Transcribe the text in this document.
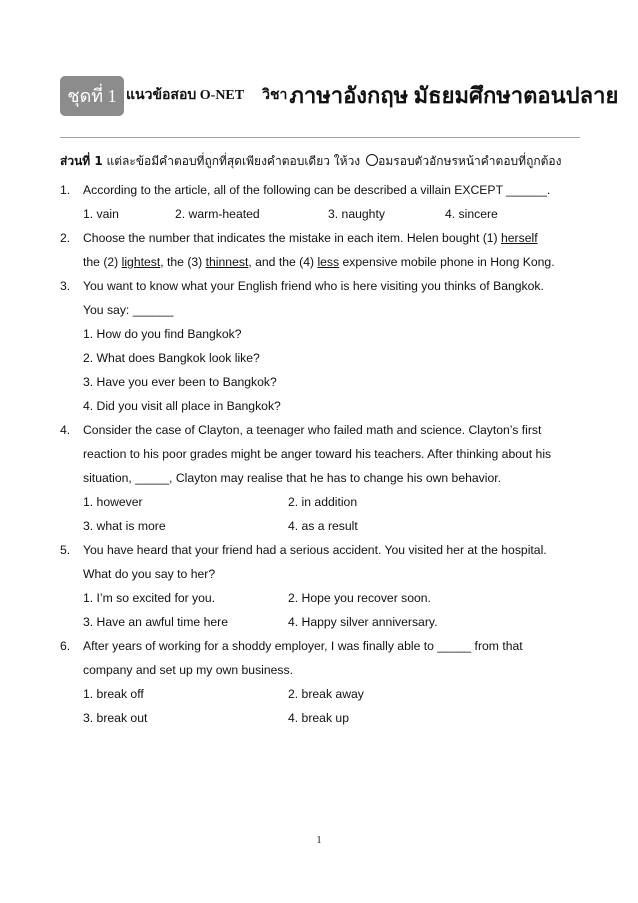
ชุดที่ 1 แนวข้อสอบ O-NET วิชาภาษาอังกฤษ มัธยมศึกษาตอนปลาย
ส่วนที่ 1 แต่ละข้อมีคำตอบที่ถูกที่สุดเพียงคำตอบเดียว ให้วง อมรอบตัวอักษรหน้าคำตอบที่ถูกต้อง
1. According to the article, all of the following can be described a villain EXCEPT ______.
1. vain	2. warm-heated	3. naughty	4. sincere
2. Choose the number that indicates the mistake in each item. Helen bought (1) herself
the (2) lightest, the (3) thinnest, and the (4) less expensive mobile phone in Hong Kong.
3. You want to know what your English friend who is here visiting you thinks of Bangkok.
You say: ______
1. How do you find Bangkok?
2. What does Bangkok look like?
3. Have you ever been to Bangkok?
4. Did you visit all place in Bangkok?
4. Consider the case of Clayton, a teenager who failed math and science. Clayton’s first
reaction to his poor grades might be anger toward his teachers. After thinking about his
situation, _____, Clayton may realise that he has to change his own behavior.
1. however	2. in addition
3. what is more	4. as a result
5. You have heard that your friend had a serious accident. You visited her at the hospital.
What do you say to her?
1. I’m so excited for you.	2. Hope you recover soon.
3. Have an awful time here	4. Happy silver anniversary.
6. After years of working for a shoddy employer, I was finally able to _____ from that
company and set up my own business.
1. break off	2. break away
3. break out	4. break up
1
